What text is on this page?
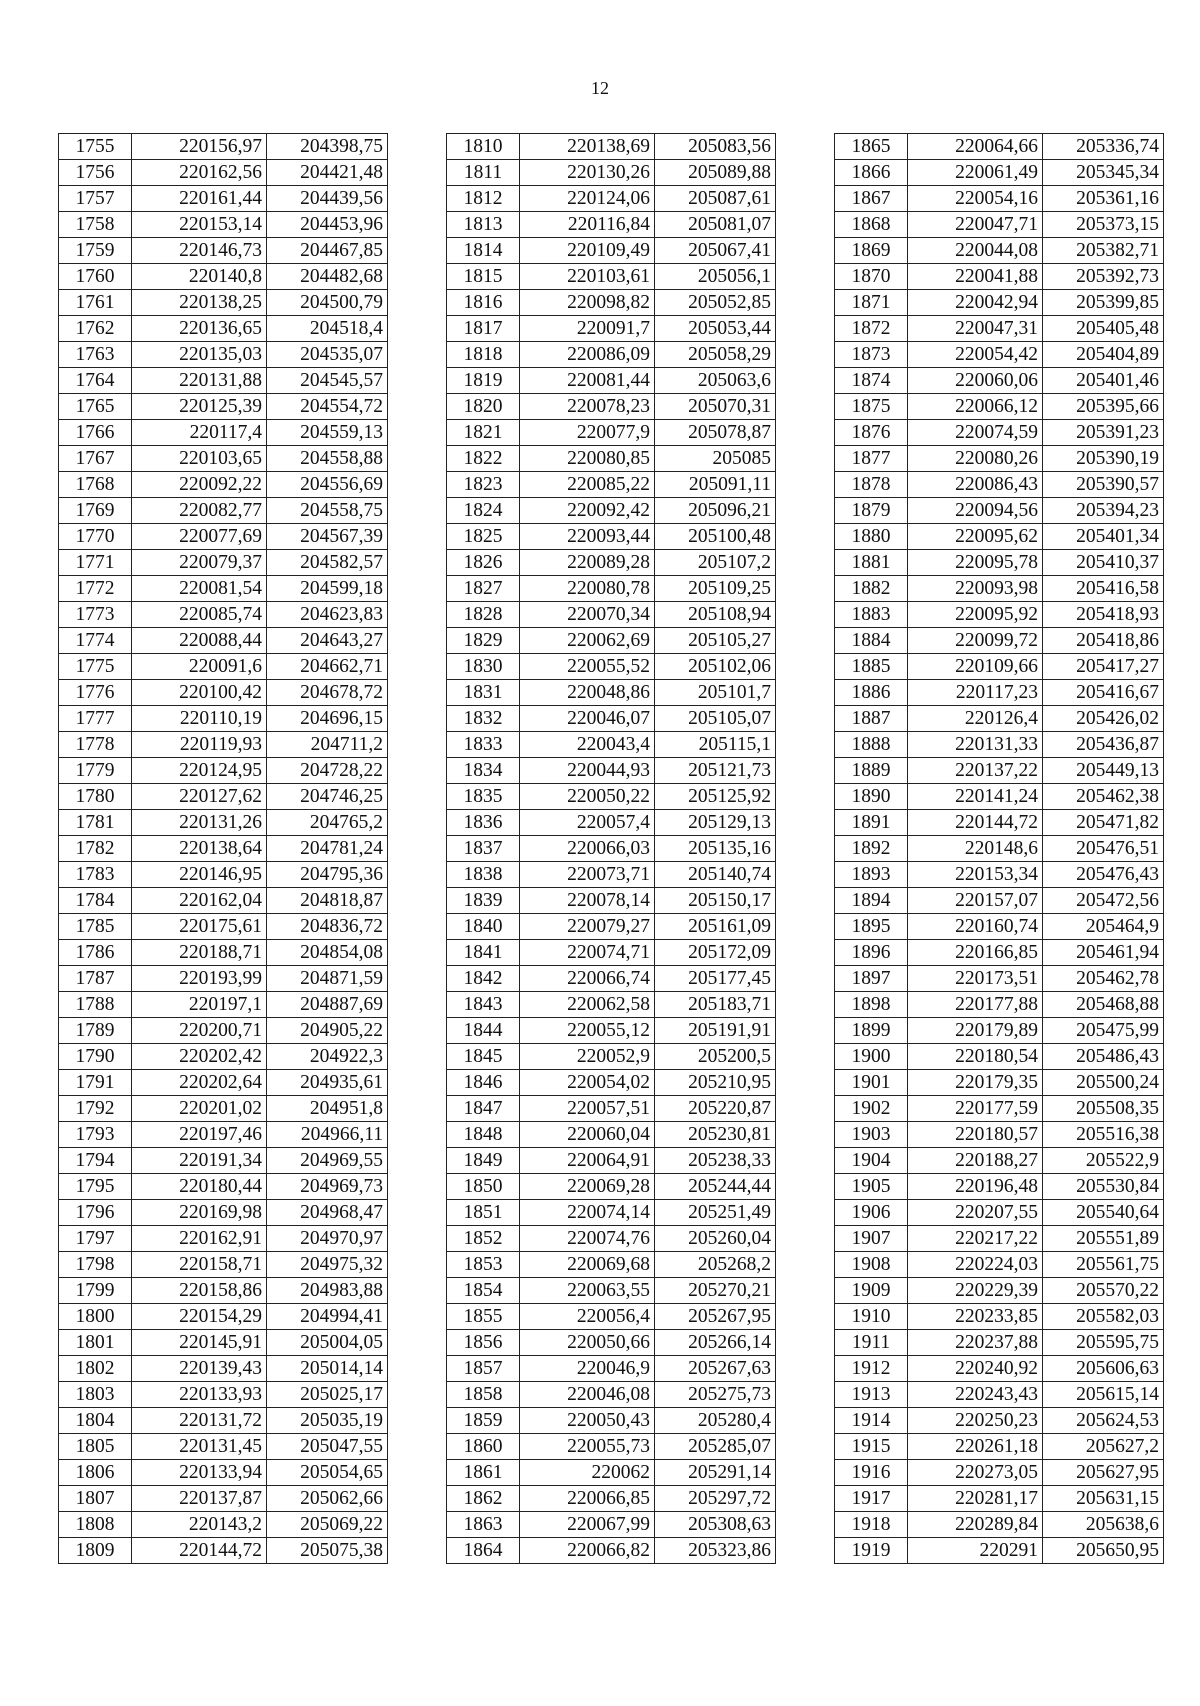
12
1755	220156,97	204398,75
1756	220162,56	204421,48
1757	220161,44	204439,56
1758	220153,14	204453,96
1759	220146,73	204467,85
1760	220140,8	204482,68
1761	220138,25	204500,79
1762	220136,65	204518,4
1763	220135,03	204535,07
1764	220131,88	204545,57
1765	220125,39	204554,72
1766	220117,4	204559,13
1767	220103,65	204558,88
1768	220092,22	204556,69
1769	220082,77	204558,75
1770	220077,69	204567,39
1771	220079,37	204582,57
1772	220081,54	204599,18
1773	220085,74	204623,83
1774	220088,44	204643,27
1775	220091,6	204662,71
1776	220100,42	204678,72
1777	220110,19	204696,15
1778	220119,93	204711,2
1779	220124,95	204728,22
1780	220127,62	204746,25
1781	220131,26	204765,2
1782	220138,64	204781,24
1783	220146,95	204795,36
1784	220162,04	204818,87
1785	220175,61	204836,72
1786	220188,71	204854,08
1787	220193,99	204871,59
1788	220197,1	204887,69
1789	220200,71	204905,22
1790	220202,42	204922,3
1791	220202,64	204935,61
1792	220201,02	204951,8
1793	220197,46	204966,11
1794	220191,34	204969,55
1795	220180,44	204969,73
1796	220169,98	204968,47
1797	220162,91	204970,97
1798	220158,71	204975,32
1799	220158,86	204983,88
1800	220154,29	204994,41
1801	220145,91	205004,05
1802	220139,43	205014,14
1803	220133,93	205025,17
1804	220131,72	205035,19
1805	220131,45	205047,55
1806	220133,94	205054,65
1807	220137,87	205062,66
1808	220143,2	205069,22
1809	220144,72	205075,38
1810	220138,69	205083,56
1811	220130,26	205089,88
1812	220124,06	205087,61
1813	220116,84	205081,07
1814	220109,49	205067,41
1815	220103,61	205056,1
1816	220098,82	205052,85
1817	220091,7	205053,44
1818	220086,09	205058,29
1819	220081,44	205063,6
1820	220078,23	205070,31
1821	220077,9	205078,87
1822	220080,85	205085
1823	220085,22	205091,11
1824	220092,42	205096,21
1825	220093,44	205100,48
1826	220089,28	205107,2
1827	220080,78	205109,25
1828	220070,34	205108,94
1829	220062,69	205105,27
1830	220055,52	205102,06
1831	220048,86	205101,7
1832	220046,07	205105,07
1833	220043,4	205115,1
1834	220044,93	205121,73
1835	220050,22	205125,92
1836	220057,4	205129,13
1837	220066,03	205135,16
1838	220073,71	205140,74
1839	220078,14	205150,17
1840	220079,27	205161,09
1841	220074,71	205172,09
1842	220066,74	205177,45
1843	220062,58	205183,71
1844	220055,12	205191,91
1845	220052,9	205200,5
1846	220054,02	205210,95
1847	220057,51	205220,87
1848	220060,04	205230,81
1849	220064,91	205238,33
1850	220069,28	205244,44
1851	220074,14	205251,49
1852	220074,76	205260,04
1853	220069,68	205268,2
1854	220063,55	205270,21
1855	220056,4	205267,95
1856	220050,66	205266,14
1857	220046,9	205267,63
1858	220046,08	205275,73
1859	220050,43	205280,4
1860	220055,73	205285,07
1861	220062	205291,14
1862	220066,85	205297,72
1863	220067,99	205308,63
1864	220066,82	205323,86
1865	220064,66	205336,74
1866	220061,49	205345,34
1867	220054,16	205361,16
1868	220047,71	205373,15
1869	220044,08	205382,71
1870	220041,88	205392,73
1871	220042,94	205399,85
1872	220047,31	205405,48
1873	220054,42	205404,89
1874	220060,06	205401,46
1875	220066,12	205395,66
1876	220074,59	205391,23
1877	220080,26	205390,19
1878	220086,43	205390,57
1879	220094,56	205394,23
1880	220095,62	205401,34
1881	220095,78	205410,37
1882	220093,98	205416,58
1883	220095,92	205418,93
1884	220099,72	205418,86
1885	220109,66	205417,27
1886	220117,23	205416,67
1887	220126,4	205426,02
1888	220131,33	205436,87
1889	220137,22	205449,13
1890	220141,24	205462,38
1891	220144,72	205471,82
1892	220148,6	205476,51
1893	220153,34	205476,43
1894	220157,07	205472,56
1895	220160,74	205464,9
1896	220166,85	205461,94
1897	220173,51	205462,78
1898	220177,88	205468,88
1899	220179,89	205475,99
1900	220180,54	205486,43
1901	220179,35	205500,24
1902	220177,59	205508,35
1903	220180,57	205516,38
1904	220188,27	205522,9
1905	220196,48	205530,84
1906	220207,55	205540,64
1907	220217,22	205551,89
1908	220224,03	205561,75
1909	220229,39	205570,22
1910	220233,85	205582,03
1911	220237,88	205595,75
1912	220240,92	205606,63
1913	220243,43	205615,14
1914	220250,23	205624,53
1915	220261,18	205627,2
1916	220273,05	205627,95
1917	220281,17	205631,15
1918	220289,84	205638,6
1919	220291	205650,95
